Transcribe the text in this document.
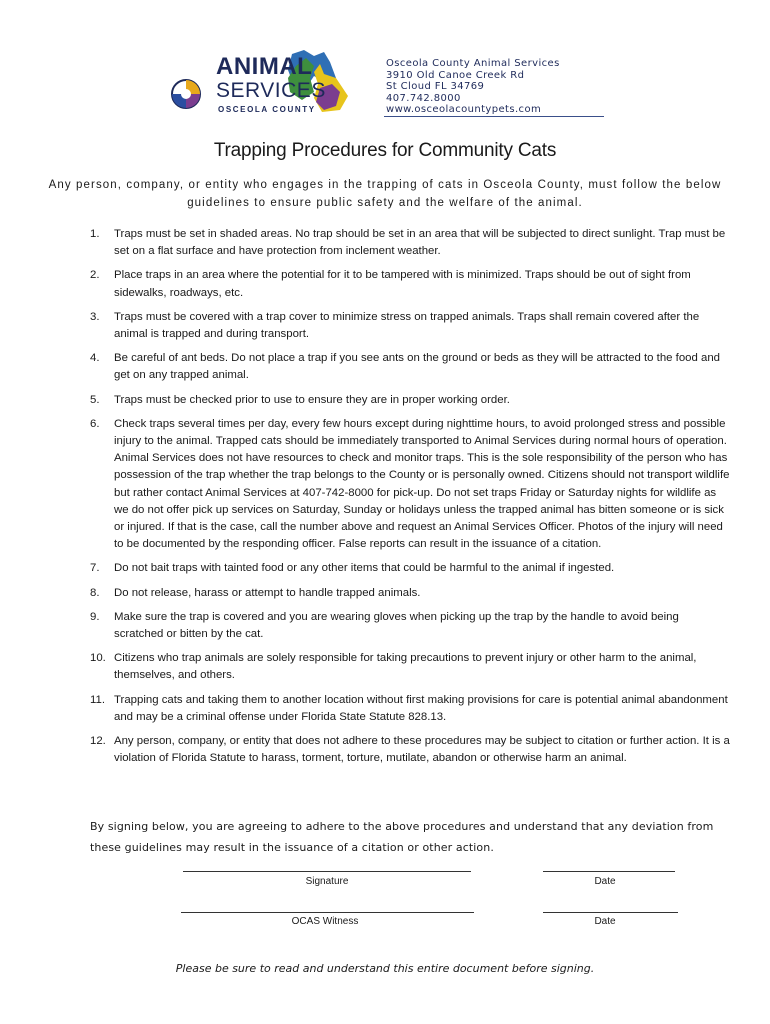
ANIMAL
SERVICES
OSCEOLA COUNTY
Osceola County Animal Services
3910 Old Canoe Creek Rd
St Cloud FL 34769
407.742.8000
www.osceolacountypets.com
Trapping Procedures for Community Cats
Any person, company, or entity who engages in the trapping of cats in Osceola County, must follow the below guidelines to ensure public safety and the welfare of the animal.
1. Traps must be set in shaded areas. No trap should be set in an area that will be subjected to direct sunlight. Trap must be set on a flat surface and have protection from inclement weather.
2. Place traps in an area where the potential for it to be tampered with is minimized. Traps should be out of sight from sidewalks, roadways, etc.
3. Traps must be covered with a trap cover to minimize stress on trapped animals. Traps shall remain covered after the animal is trapped and during transport.
4. Be careful of ant beds. Do not place a trap if you see ants on the ground or beds as they will be attracted to the food and get on any trapped animal.
5. Traps must be checked prior to use to ensure they are in proper working order.
6. Check traps several times per day, every few hours except during nighttime hours, to avoid prolonged stress and possible injury to the animal. Trapped cats should be immediately transported to Animal Services during normal hours of operation. Animal Services does not have resources to check and monitor traps. This is the sole responsibility of the person who has possession of the trap whether the trap belongs to the County or is personally owned. Citizens should not transport wildlife but rather contact Animal Services at 407-742-8000 for pick-up. Do not set traps Friday or Saturday nights for wildlife as we do not offer pick up services on Saturday, Sunday or holidays unless the trapped animal has bitten someone or is sick or injured. If that is the case, call the number above and request an Animal Services Officer. Photos of the injury will need to be documented by the responding officer. False reports can result in the issuance of a citation.
7. Do not bait traps with tainted food or any other items that could be harmful to the animal if ingested.
8. Do not release, harass or attempt to handle trapped animals.
9. Make sure the trap is covered and you are wearing gloves when picking up the trap by the handle to avoid being scratched or bitten by the cat.
10. Citizens who trap animals are solely responsible for taking precautions to prevent injury or other harm to the animal, themselves, and others.
11. Trapping cats and taking them to another location without first making provisions for care is potential animal abandonment and may be a criminal offense under Florida State Statute 828.13.
12. Any person, company, or entity that does not adhere to these procedures may be subject to citation or further action. It is a violation of Florida Statute to harass, torment, torture, mutilate, abandon or otherwise harm an animal.
By signing below, you are agreeing to adhere to the above procedures and understand that any deviation from these guidelines may result in the issuance of a citation or other action.
Signature	Date
OCAS Witness	Date
Please be sure to read and understand this entire document before signing.
